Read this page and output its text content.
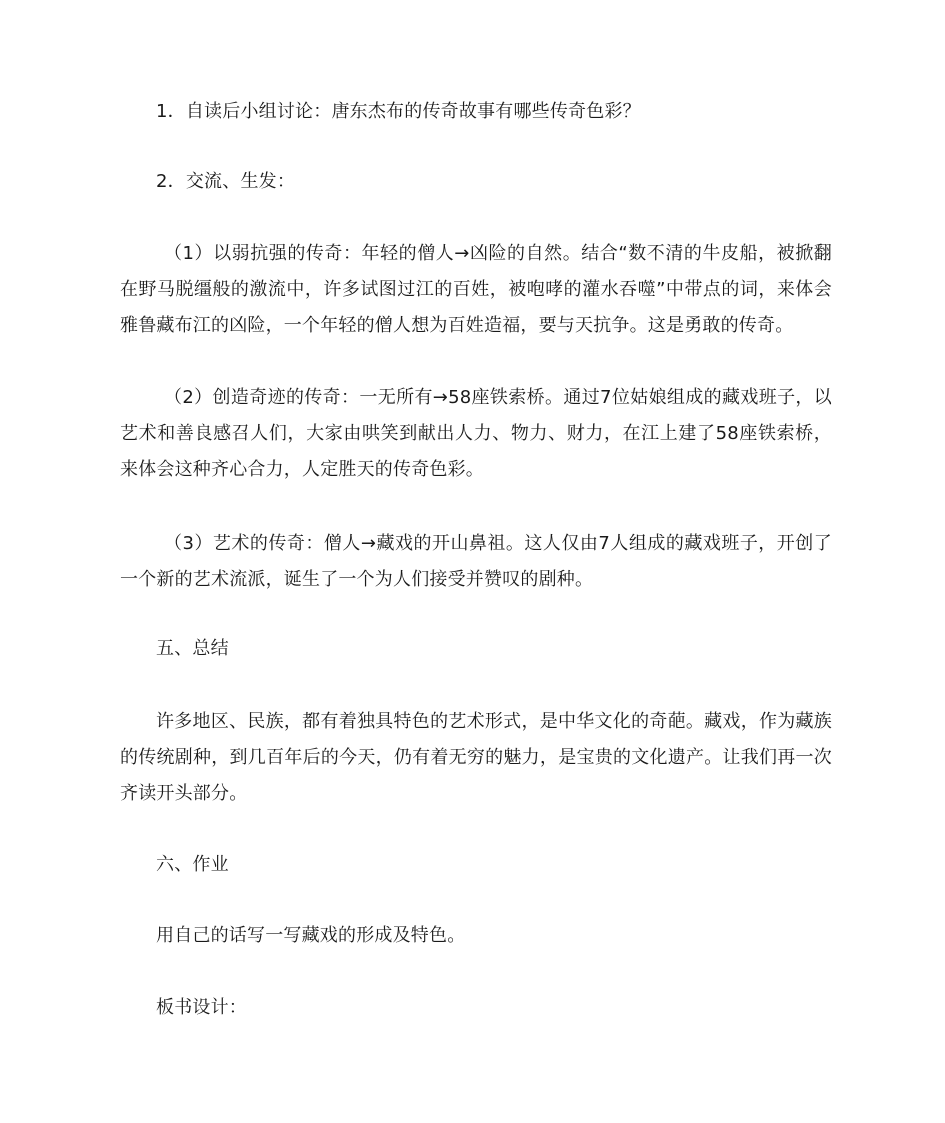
1．自读后小组讨论：唐东杰布的传奇故事有哪些传奇色彩？

2．交流、生发：

（1）以弱抗强的传奇：年轻的僧人→凶险的自然。结合“数不清的牛皮船，被掀翻在野马脱缰般的激流中，许多试图过江的百姓，被咆哮的灌水吞噬”中带点的词，来体会雅鲁藏布江的凶险，一个年轻的僧人想为百姓造福，要与天抗争。这是勇敢的传奇。

（2）创造奇迹的传奇：一无所有→58座铁索桥。通过7位姑娘组成的藏戏班子，以艺术和善良感召人们，大家由哄笑到献出人力、物力、财力，在江上建了58座铁索桥，来体会这种齐心合力，人定胜天的传奇色彩。

（3）艺术的传奇：僧人→藏戏的开山鼻祖。这人仅由7人组成的藏戏班子，开创了一个新的艺术流派，诞生了一个为人们接受并赞叹的剧种。

五、总结

许多地区、民族，都有着独具特色的艺术形式，是中华文化的奇葩。藏戏，作为藏族的传统剧种，到几百年后的今天，仍有着无穷的魅力，是宝贵的文化遗产。让我们再一次齐读开头部分。

六、作业

用自己的话写一写藏戏的形成及特色。

板书设计：
